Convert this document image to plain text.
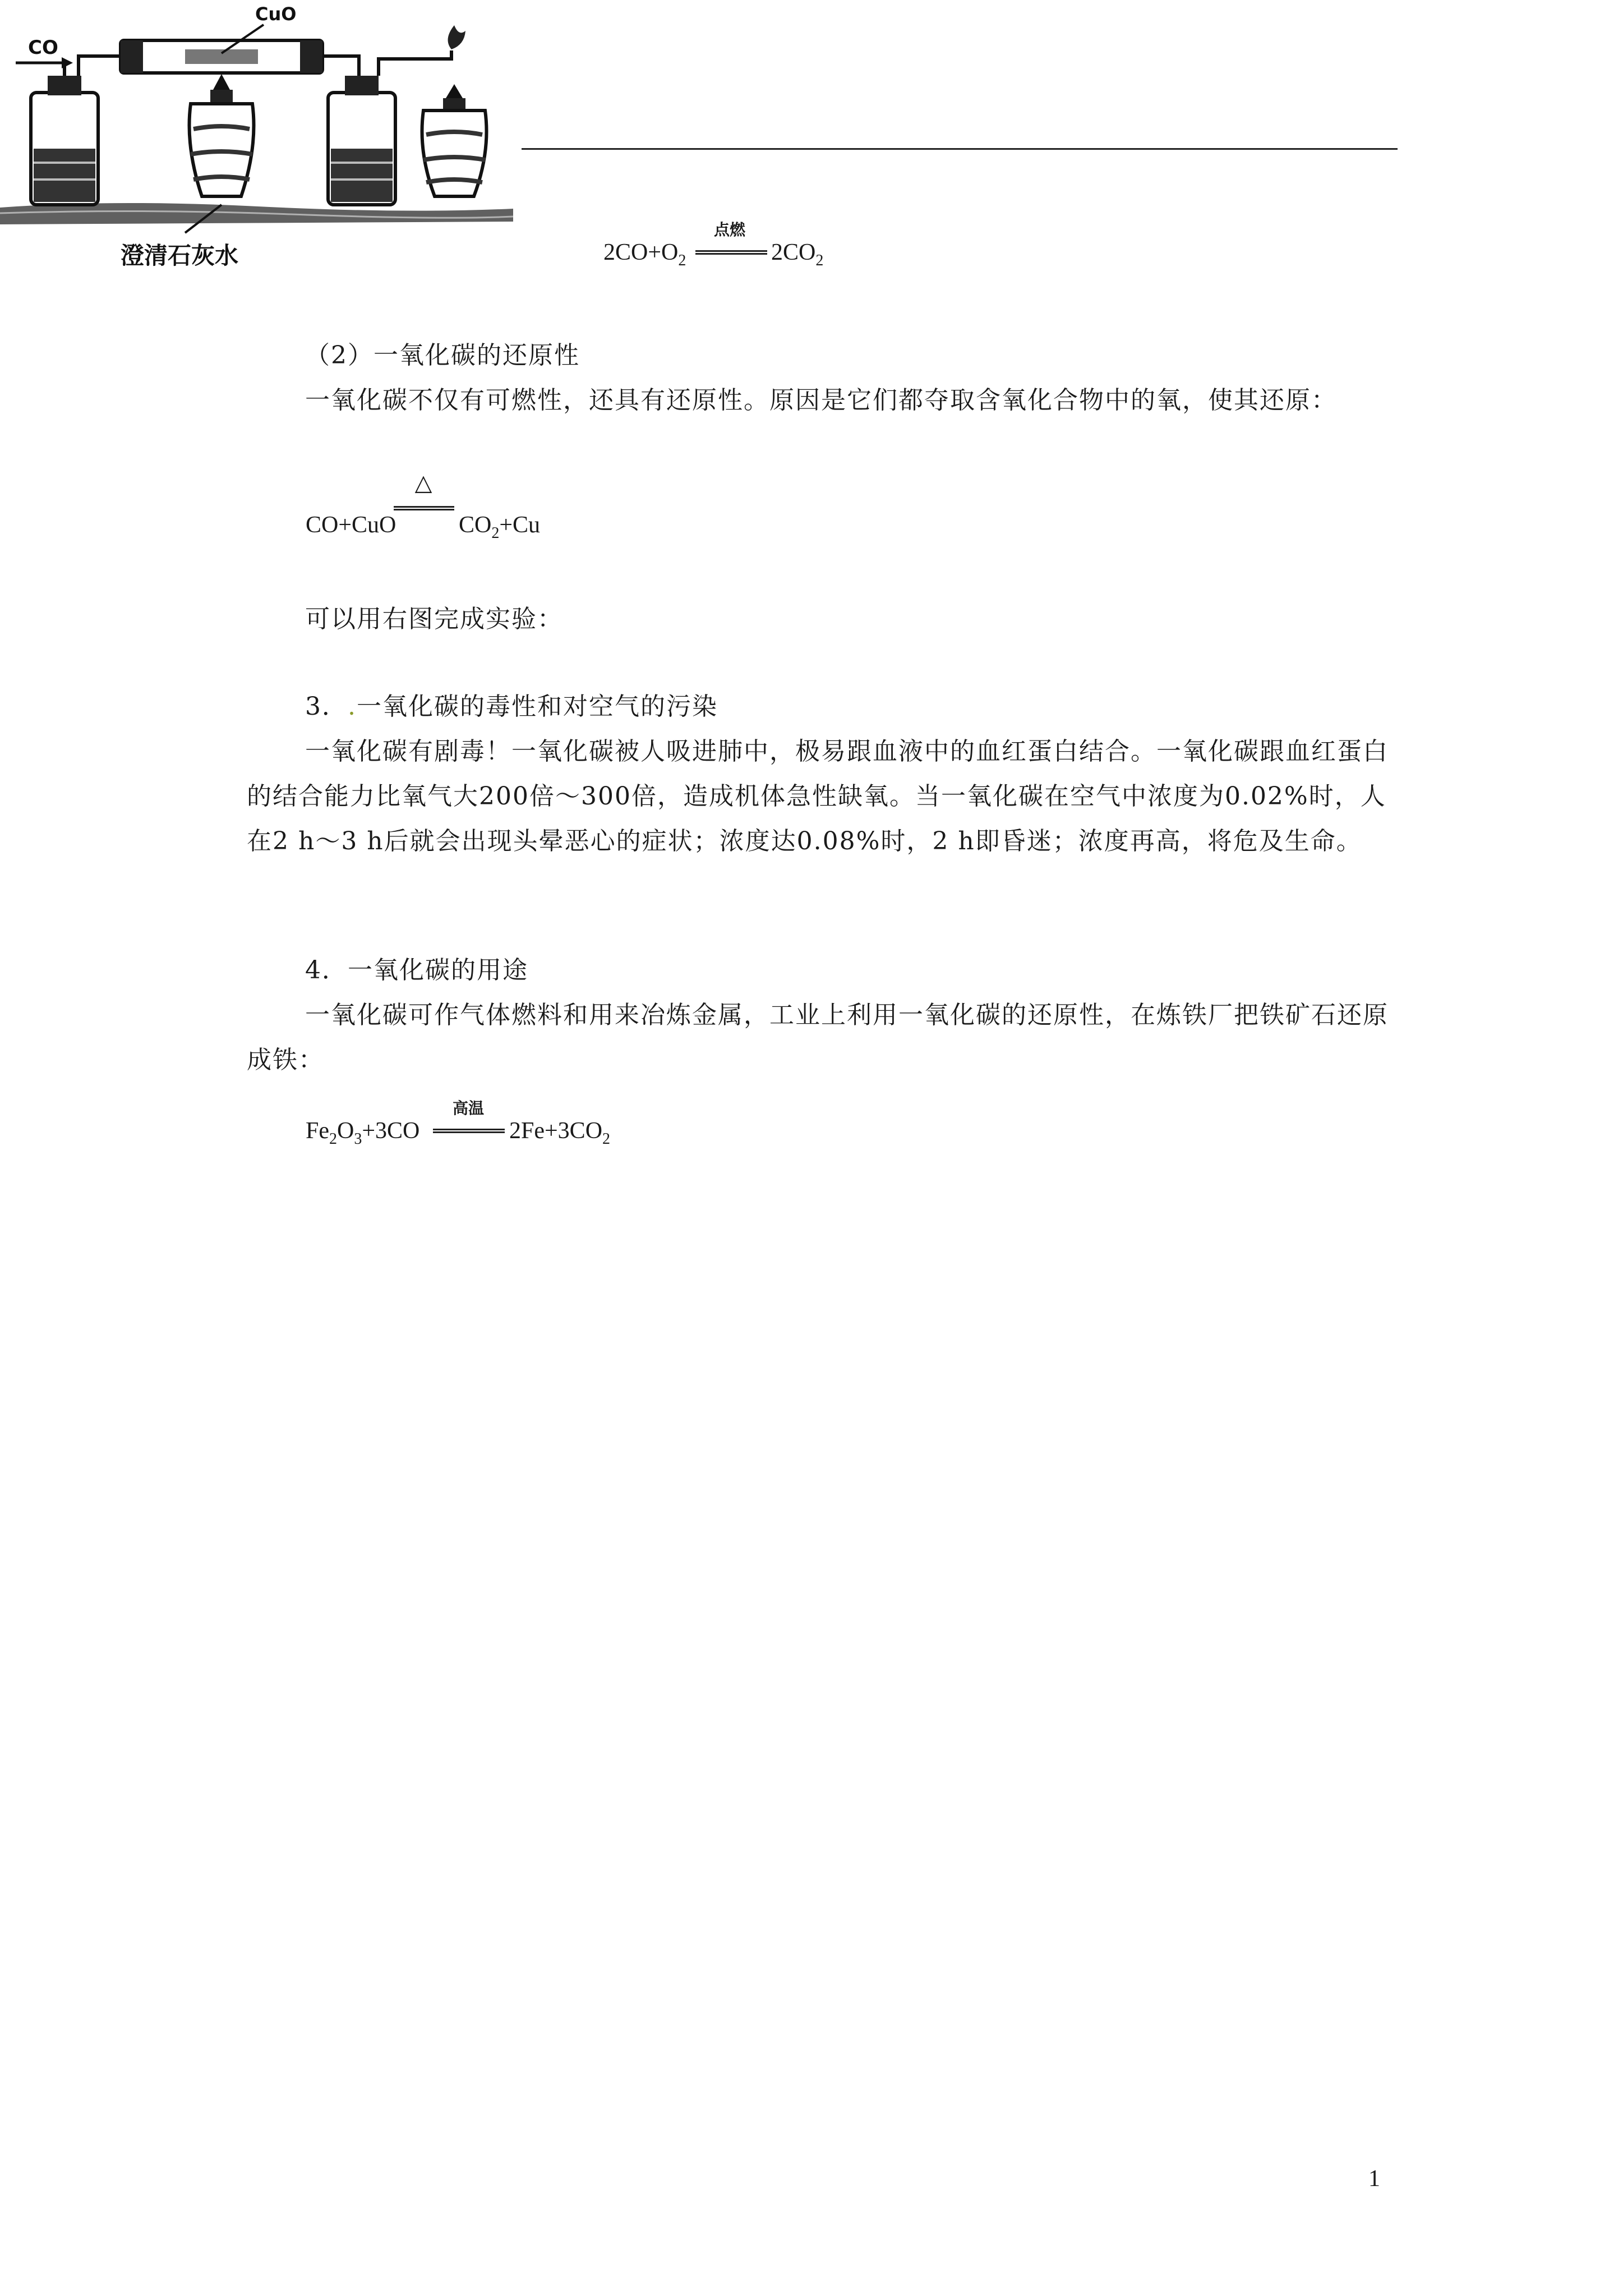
CO
CuO
澄清石灰水	$2CO+O_2$
点燃
$2CO_2$
（2）一氧化碳的还原性
一氧化碳不仅有可燃性，还具有还原性。原因是它们都夺取含氧化合物中的氧，使其还原：
CO+CuO
△
$CO_2+Cu$
可以用右图完成实验：
3．.一氧化碳的毒性和对空气的污染
一氧化碳有剧毒！一氧化碳被人吸进肺中，极易跟血液中的血红蛋白结合。一氧化碳跟血红蛋白的结合能力比氧气大200倍～300倍，造成机体急性缺氧。当一氧化碳在空气中浓度为0.02%时，人在2 h～3 h后就会出现头晕恶心的症状；浓度达0.08%时，2 h即昏迷；浓度再高，将危及生命。
4．一氧化碳的用途
一氧化碳可作气体燃料和用来冶炼金属，工业上利用一氧化碳的还原性，在炼铁厂把铁矿石还原成铁：
$Fe_2O_3+3CO$
高温
$2Fe+3CO_2$
1
